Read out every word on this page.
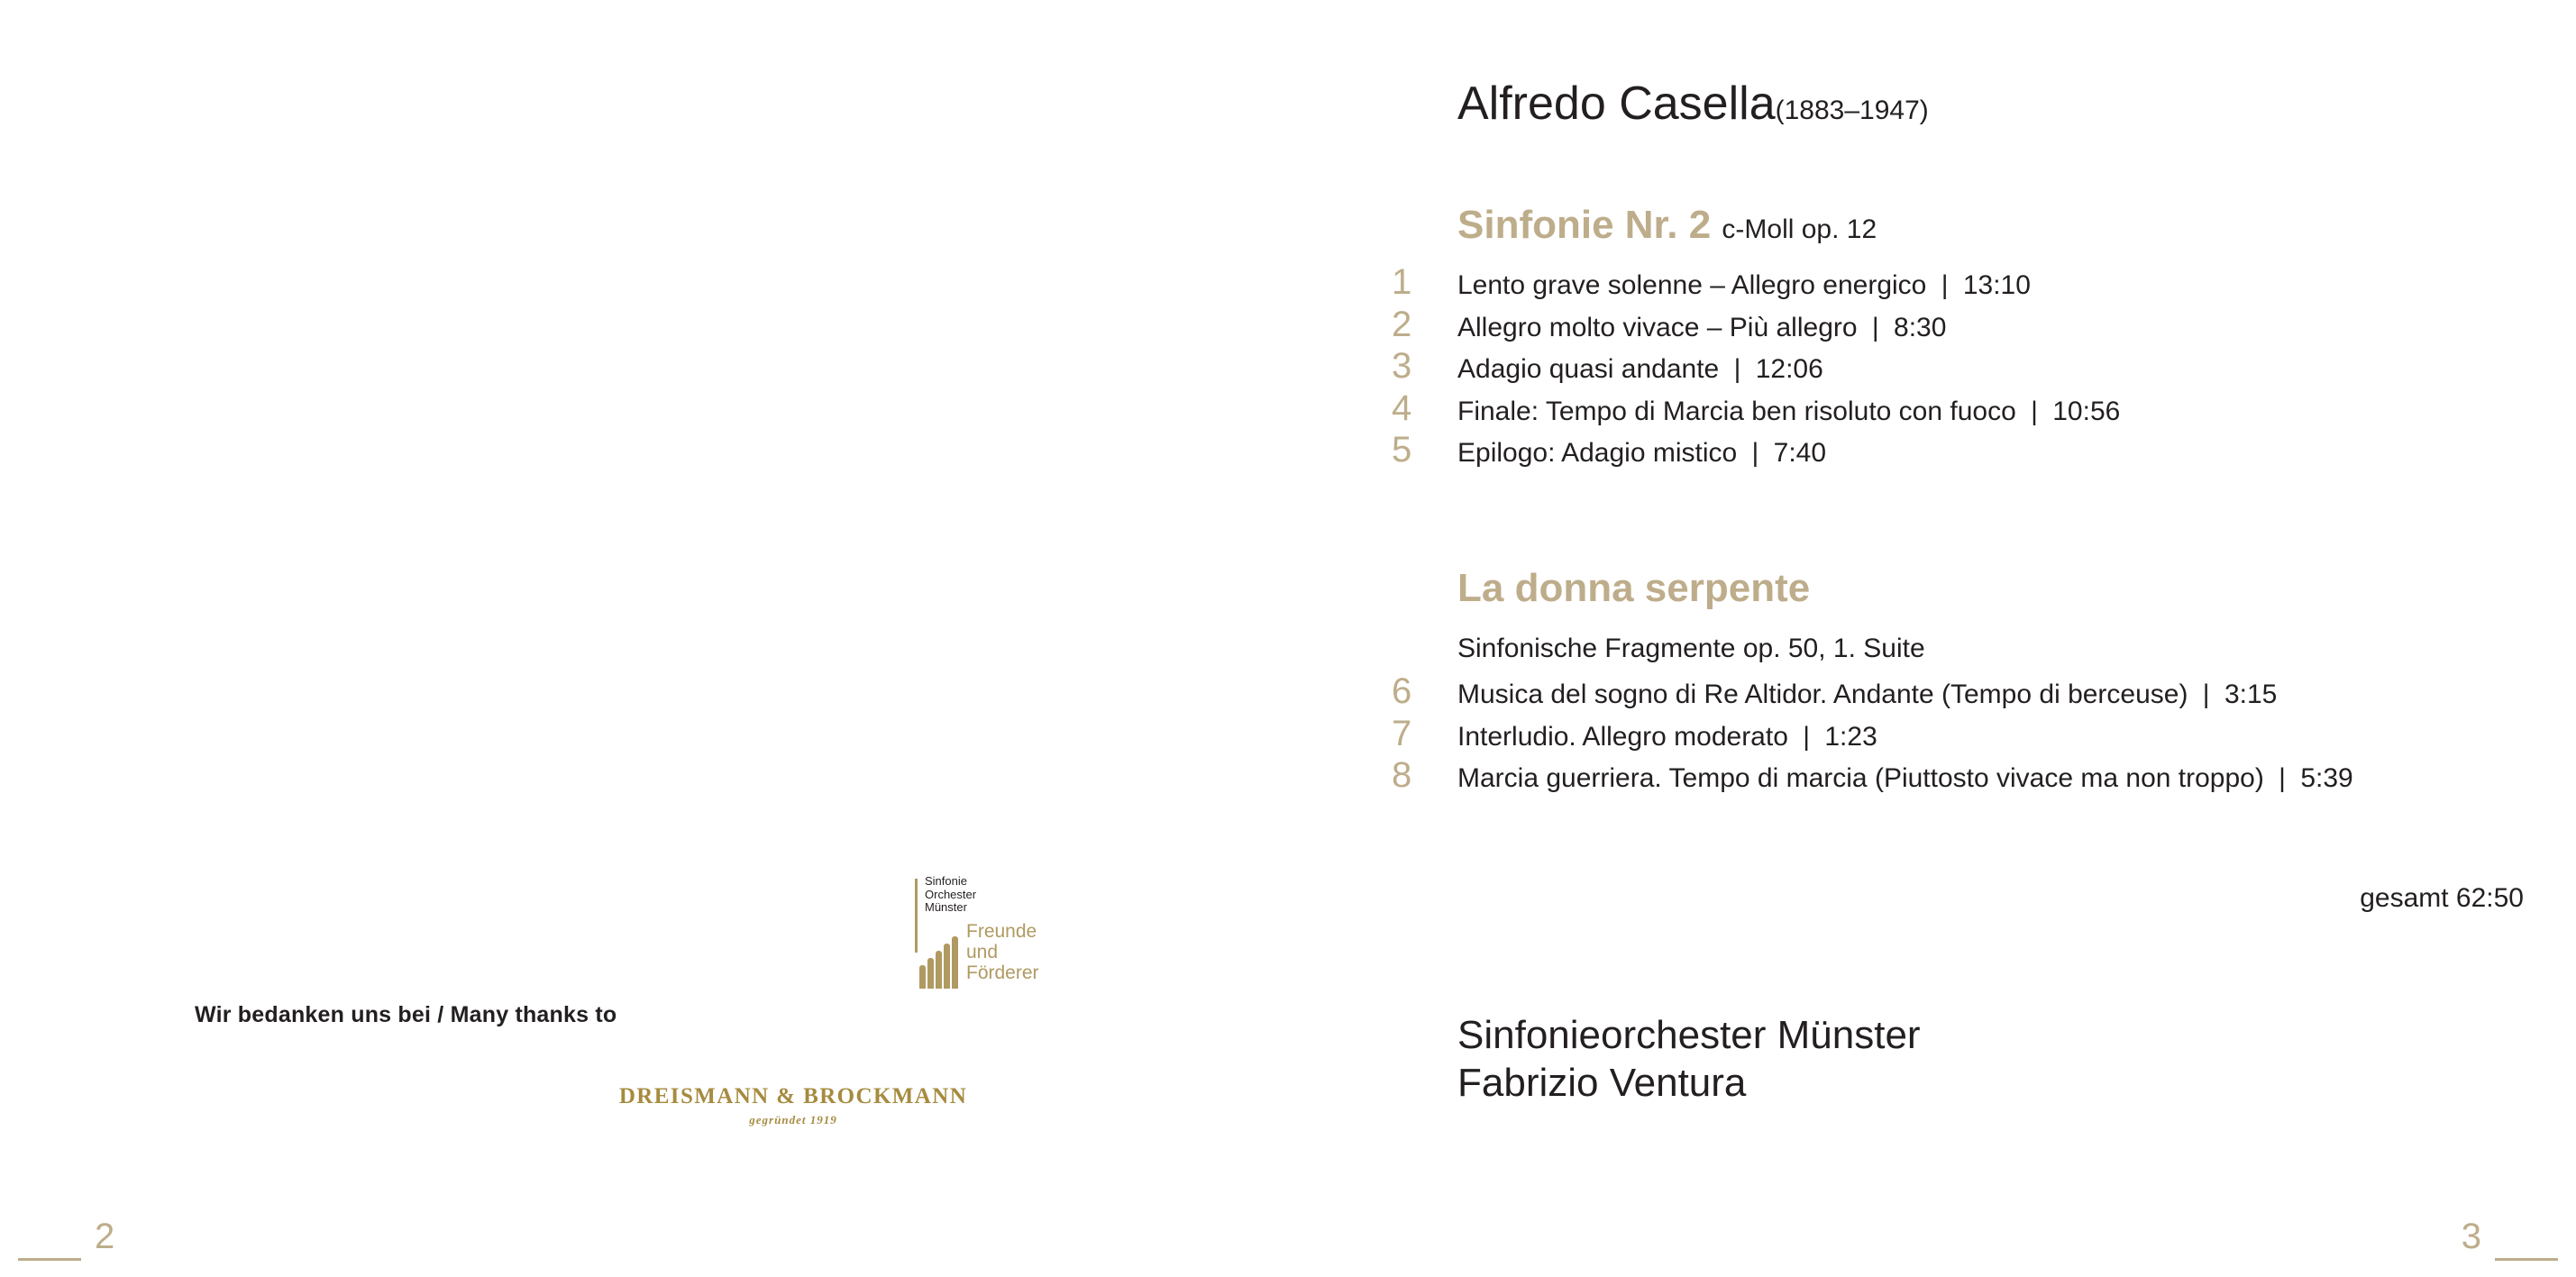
Wir bedanken uns bei / Many thanks to
Sinfonie
Orchester
Münster
Freunde
und
Förderer
DREISMANN & BROCKMANN
gegründet 1919
2
Alfredo Casella(1883–1947)
Sinfonie Nr. 2 c-Moll op. 12
1	Lento grave solenne – Allegro energico | 13:10
2	Allegro molto vivace – Più allegro | 8:30
3	Adagio quasi andante | 12:06
4	Finale: Tempo di Marcia ben risoluto con fuoco | 10:56
5	Epilogo: Adagio mistico | 7:40
La donna serpente
Sinfonische Fragmente op. 50, 1. Suite
6	Musica del sogno di Re Altidor. Andante (Tempo di berceuse) | 3:15
7	Interludio. Allegro moderato | 1:23
8	Marcia guerriera. Tempo di marcia (Piuttosto vivace ma non troppo) | 5:39
gesamt 62:50
Sinfonieorchester Münster
Fabrizio Ventura
3
